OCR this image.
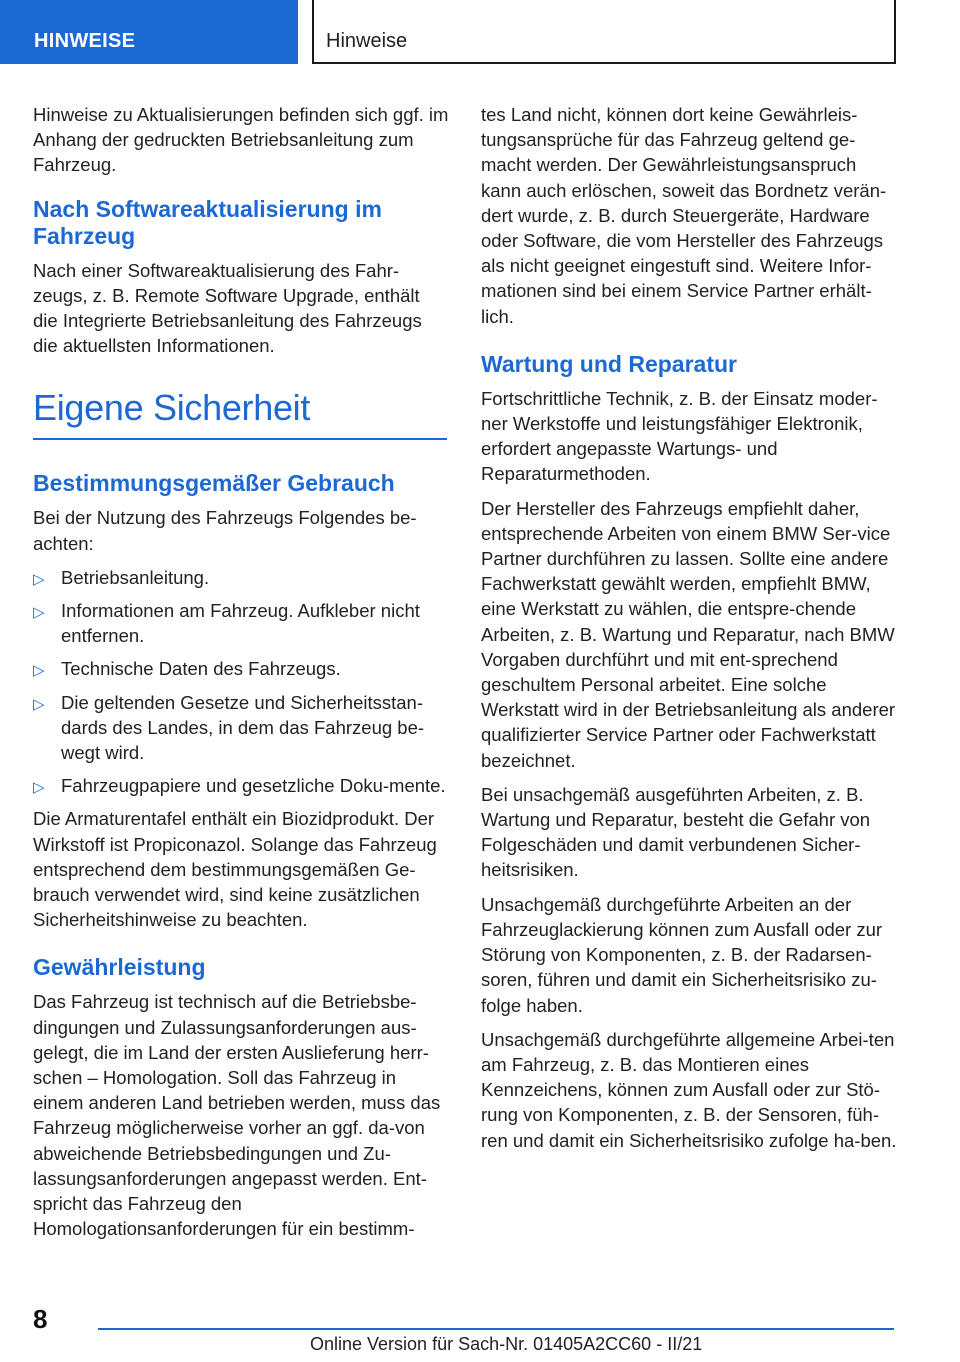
HINWEISE	Hinweise

Hinweise zu Aktualisierungen befinden sich ggf. im Anhang der gedruckten Betriebsanleitung zum Fahrzeug.

Nach Softwareaktualisierung im Fahrzeug

Nach einer Softwareaktualisierung des Fahr-zeugs, z. B. Remote Software Upgrade, enthält die Integrierte Betriebsanleitung des Fahrzeugs die aktuellsten Informationen.

Eigene Sicherheit
Bestimmungsgemäßer Gebrauch

Bei der Nutzung des Fahrzeugs Folgendes be-achten:

▷ Betriebsanleitung.
▷ Informationen am Fahrzeug. Aufkleber nicht entfernen.
▷ Technische Daten des Fahrzeugs.
▷ Die geltenden Gesetze und Sicherheitsstan-dards des Landes, in dem das Fahrzeug be-wegt wird.
▷ Fahrzeugpapiere und gesetzliche Doku-mente.

Die Armaturentafel enthält ein Biozidprodukt. Der Wirkstoff ist Propiconazol. Solange das Fahrzeug entsprechend dem bestimmungsgemäßen Ge-brauch verwendet wird, sind keine zusätzlichen Sicherheitshinweise zu beachten.

Gewährleistung

Das Fahrzeug ist technisch auf die Betriebsbe-dingungen und Zulassungsanforderungen aus-gelegt, die im Land der ersten Auslieferung herr-schen – Homologation. Soll das Fahrzeug in einem anderen Land betrieben werden, muss das Fahrzeug möglicherweise vorher an ggf. da-von abweichende Betriebsbedingungen und Zu-lassungsanforderungen angepasst werden. Ent-spricht das Fahrzeug den Homologationsanforderungen für ein bestimm-

tes Land nicht, können dort keine Gewährleis-tungsansprüche für das Fahrzeug geltend ge-macht werden. Der Gewährleistungsanspruch kann auch erlöschen, soweit das Bordnetz verän-dert wurde, z. B. durch Steuergeräte, Hardware oder Software, die vom Hersteller des Fahrzeugs als nicht geeignet eingestuft sind. Weitere Infor-mationen sind bei einem Service Partner erhält-lich.

Wartung und Reparatur

Fortschrittliche Technik, z. B. der Einsatz moder-ner Werkstoffe und leistungsfähiger Elektronik, erfordert angepasste Wartungs- und Reparaturmethoden.

Der Hersteller des Fahrzeugs empfiehlt daher, entsprechende Arbeiten von einem BMW Ser-vice Partner durchführen zu lassen. Sollte eine andere Fachwerkstatt gewählt werden, empfiehlt BMW, eine Werkstatt zu wählen, die entspre-chende Arbeiten, z. B. Wartung und Reparatur, nach BMW Vorgaben durchführt und mit ent-sprechend geschultem Personal arbeitet. Eine solche Werkstatt wird in der Betriebsanleitung als anderer qualifizierter Service Partner oder Fachwerkstatt bezeichnet.

Bei unsachgemäß ausgeführten Arbeiten, z. B. Wartung und Reparatur, besteht die Gefahr von Folgeschäden und damit verbundenen Sicher-heitsrisiken.

Unsachgemäß durchgeführte Arbeiten an der Fahrzeuglackierung können zum Ausfall oder zur Störung von Komponenten, z. B. der Radarsen-soren, führen und damit ein Sicherheitsrisiko zu-folge haben.

Unsachgemäß durchgeführte allgemeine Arbei-ten am Fahrzeug, z. B. das Montieren eines Kennzeichens, können zum Ausfall oder zur Stö-rung von Komponenten, z. B. der Sensoren, füh-ren und damit ein Sicherheitsrisiko zufolge ha-ben.

8
Online Version für Sach-Nr. 01405A2CC60 - II/21
